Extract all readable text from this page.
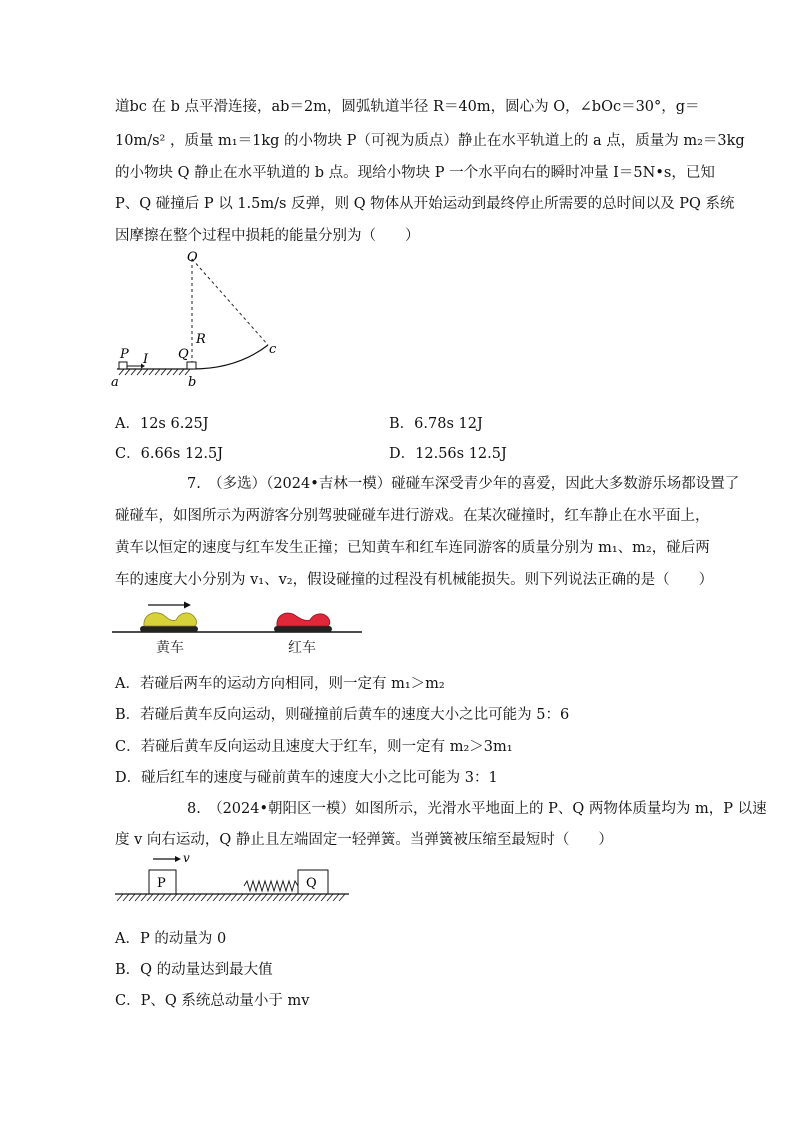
道bc 在 b 点平滑连接，ab＝2m，圆弧轨道半径 R＝40m，圆心为 O，∠bOc＝30°，g＝
10m/s² ，质量 m₁＝1kg 的小物块 P（可视为质点）静止在水平轨道上的 a 点，质量为 m₂＝3kg
的小物块 Q 静止在水平轨道的 b 点。现给小物块 P 一个水平向右的瞬时冲量 I＝5N•s，已知
P、Q 碰撞后 P 以 1.5m/s 反弹，则 Q 物体从开始运动到最终停止所需要的总时间以及 PQ 系统
因摩擦在整个过程中损耗的能量分别为（　　）
O
R
c
P I Q
a	b
A．12s 6.25J	B．6.78s 12J
C．6.66s 12.5J	D．12.56s 12.5J
7.　（多选）（2024•吉林一模）碰碰车深受青少年的喜爱，因此大多数游乐场都设置了
碰碰车，如图所示为两游客分别驾驶碰碰车进行游戏。在某次碰撞时，红车静止在水平面上，
黄车以恒定的速度与红车发生正撞；已知黄车和红车连同游客的质量分别为 m₁、m₂，碰后两
车的速度大小分别为 v₁、v₂，假设碰撞的过程没有机械能损失。则下列说法正确的是（　　）
黄车	红车
A．若碰后两车的运动方向相同，则一定有 m₁＞m₂
B．若碰后黄车反向运动，则碰撞前后黄车的速度大小之比可能为 5：6
C．若碰后黄车反向运动且速度大于红车，则一定有 m₂＞3m₁
D．碰后红车的速度与碰前黄车的速度大小之比可能为 3：1
8.　（2024•朝阳区一模）如图所示，光滑水平地面上的 P、Q 两物体质量均为 m，P 以速
度 v 向右运动，Q 静止且左端固定一轻弹簧。当弹簧被压缩至最短时（　　）
v
P	Q
A．P 的动量为 0
B．Q 的动量达到最大值
C．P、Q 系统总动量小于 mv
